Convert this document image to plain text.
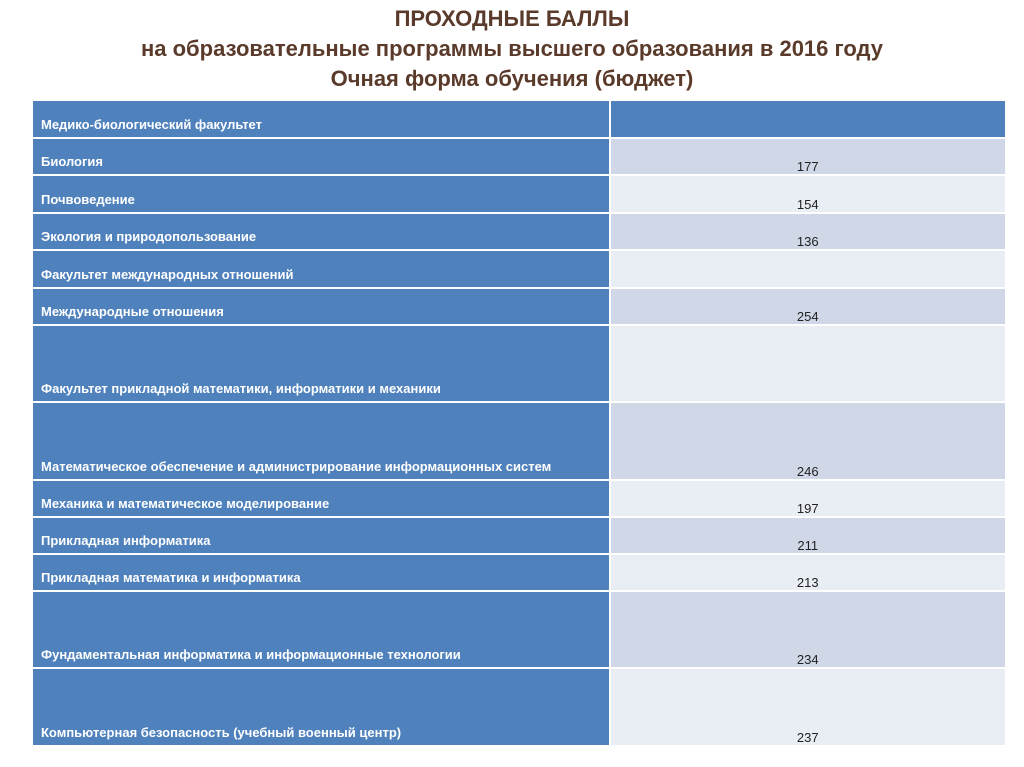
ПРОХОДНЫЕ БАЛЛЫ
на образовательные программы высшего образования в 2016 году
Очная форма обучения (бюджет)
Медико-биологический факультет	
Биология	177
Почвоведение	154
Экология и природопользование	136
Факультет международных отношений	
Международные отношения	254
Факультет прикладной математики, информатики и механики	
Математическое обеспечение и администрирование информационных систем	246
Механика и математическое моделирование	197
Прикладная информатика	211
Прикладная математика и информатика	213
Фундаментальная информатика и информационные технологии	234
Компьютерная безопасность (учебный военный центр)	237
